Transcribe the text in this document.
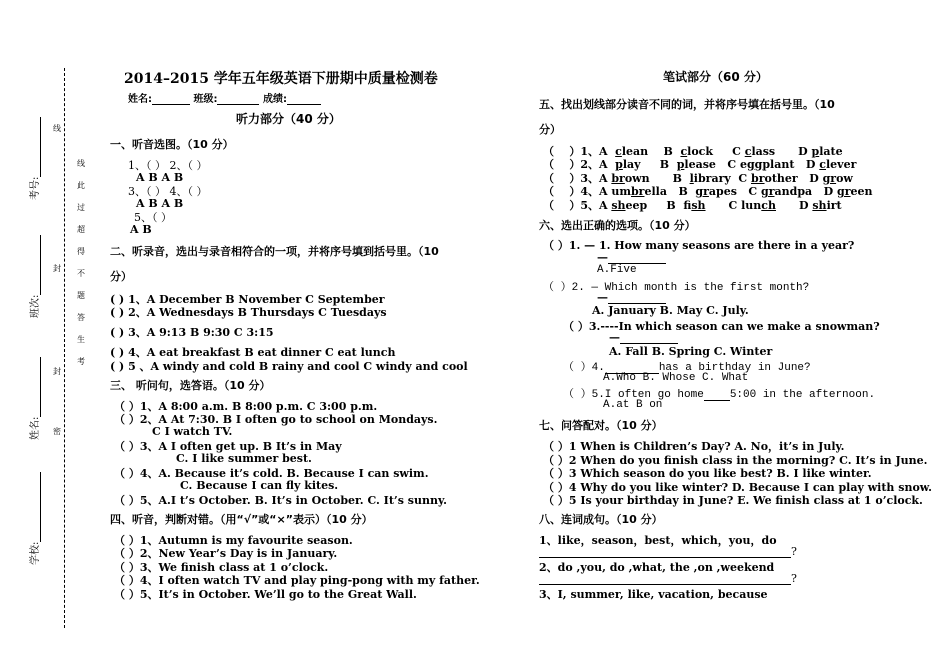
线
封
密
封
考号:
班次:
姓名:
学校:
线
此
过
超
得
不
题
答
生
考
2014–2015 学年五年级英语下册期中质量检测卷
姓名:	班级:	成绩:
听力部分（40 分）
一、听音选图。（10 分）
1、（ ） 2、（ ）
A B A B
3、（ ） 4、（ ）
A B A B
5、（ ）
A B
二、听录音，选出与录音相符合的一项，并将序号填到括号里。（10
分）
( ) 1、A December B November C September
( ) 2、A Wednesdays B Thursdays C Tuesdays
( ) 3、A 9:13 B 9:30 C 3:15
( ) 4、A eat breakfast B eat dinner C eat lunch
( ) 5 、A windy and cold B rainy and cool C windy and cool
三、 听问句，选答语。（10 分）
（ ）1、A 8:00 a.m. B 8:00 p.m. C 3:00 p.m.
（ ）2、A At 7:30. B I often go to school on Mondays.
C I watch TV.
（ ）3、A I often get up. B It’s in May
C. I like summer best.
（ ）4、A. Because it’s cold. B. Because I can swim.
C. Because I can fly kites.
（ ）5、A.I t’s October. B. It’s in October. C. It’s sunny.
四、听音，判断对错。（用“√”或“×”表示）（10 分）
（ ）1、Autumn is my favourite season.
（ ）2、New Year’s Day is in January.
（ ）3、We finish class at 1 o’clock.
（ ）4、I often watch TV and play ping-pong with my father.
（ ）5、It’s in October. We’ll go to the Great Wall.
笔试部分（60 分）
五、找出划线部分读音不同的词，并将序号填在括号里。（10
分）
（    ）1、A  clean    B  clock     C class      D plate
（    ）2、A  play     B  please   C eggplant   D clever
（    ）3、A brown      B  library  C brother   D grow
（    ）4、A umbrella   B  grapes   C grandpa   D green
（    ）5、A sheep     B  fish      C lunch      D shirt
六、选出正确的选项。（10 分）
（ ）1. — 1. How many seasons are there in a year?
—
A.Five
（ ）2. — Which month is the first month?
—
A. January B. May C. July.
（ ）3.----In which season can we make a snowman?
—
A. Fall B. Spring C. Winter
（ ）4.	has a birthday in June?
A.Who B. Whose C. What
（ ）5.I often go home 5:00 in the afternoon.
A.at B on
七、问答配对。（10 分）
（ ）1 When is Children’s Day? A. No，it’s in July.
（ ）2 When do you finish class in the morning? C. It’s in June.
（ ）3 Which season do you like best? B. I like winter.
（ ）4 Why do you like winter? D. Because I can play with snow.
（ ）5 Is your birthday in June? E. We finish class at 1 o’clock.
八、连词成句。（10 分）
1、like，season，best，which，you，do
?
2、do ,you, do ,what, the ,on ,weekend
?
3、I, summer, like, vacation, because
